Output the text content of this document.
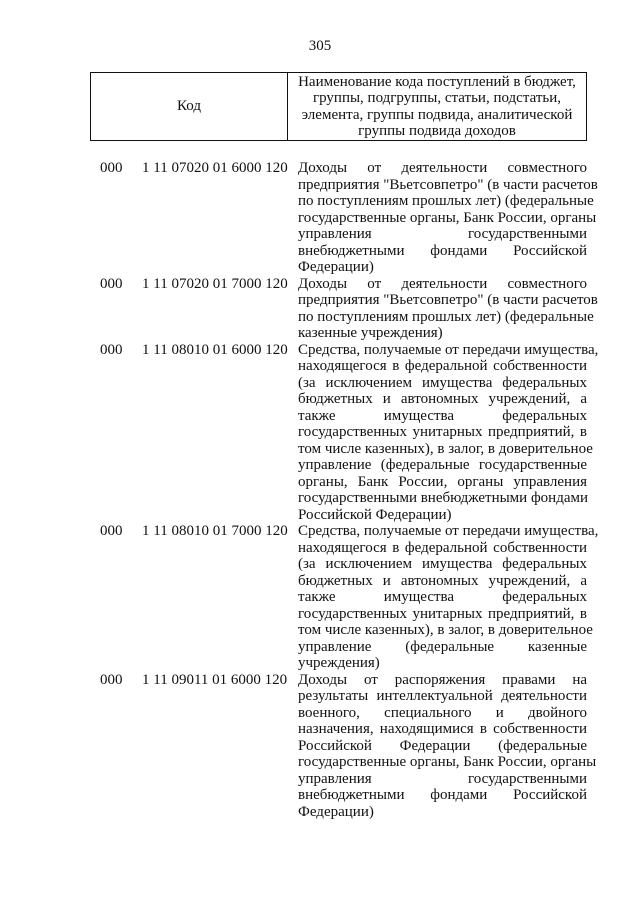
305
Код	
Наименование кода поступлений в бюджет,
группы, подгруппы, статьи, подстатьи,
элемента, группы подвида, аналитической
группы подвида доходов
000	1 11 07020 01 6000 120 Доходы от деятельности совместного
предприятия "Вьетсовпетро" (в части расчетов
по поступлениям прошлых лет) (федеральные
государственные органы, Банк России, органы
управления государственными
внебюджетными фондами Российской
Федерации)
000	1 11 07020 01 7000 120 Доходы от деятельности совместного
предприятия "Вьетсовпетро" (в части расчетов
по поступлениям прошлых лет) (федеральные
казенные учреждения)
000	1 11 08010 01 6000 120 Средства, получаемые от передачи имущества,
находящегося в федеральной собственности
(за исключением имущества федеральных
бюджетных и автономных учреждений, а
также имущества федеральных
государственных унитарных предприятий, в
том числе казенных), в залог, в доверительное
управление (федеральные государственные
органы, Банк России, органы управления
государственными внебюджетными фондами
Российской Федерации)
000	1 11 08010 01 7000 120 Средства, получаемые от передачи имущества,
находящегося в федеральной собственности
(за исключением имущества федеральных
бюджетных и автономных учреждений, а
также имущества федеральных
государственных унитарных предприятий, в
том числе казенных), в залог, в доверительное
управление (федеральные казенные
учреждения)
000	1 11 09011 01 6000 120 Доходы от распоряжения правами на
результаты интеллектуальной деятельности
военного, специального и двойного
назначения, находящимися в собственности
Российской Федерации (федеральные
государственные органы, Банк России, органы
управления государственными
внебюджетными фондами Российской
Федерации)
